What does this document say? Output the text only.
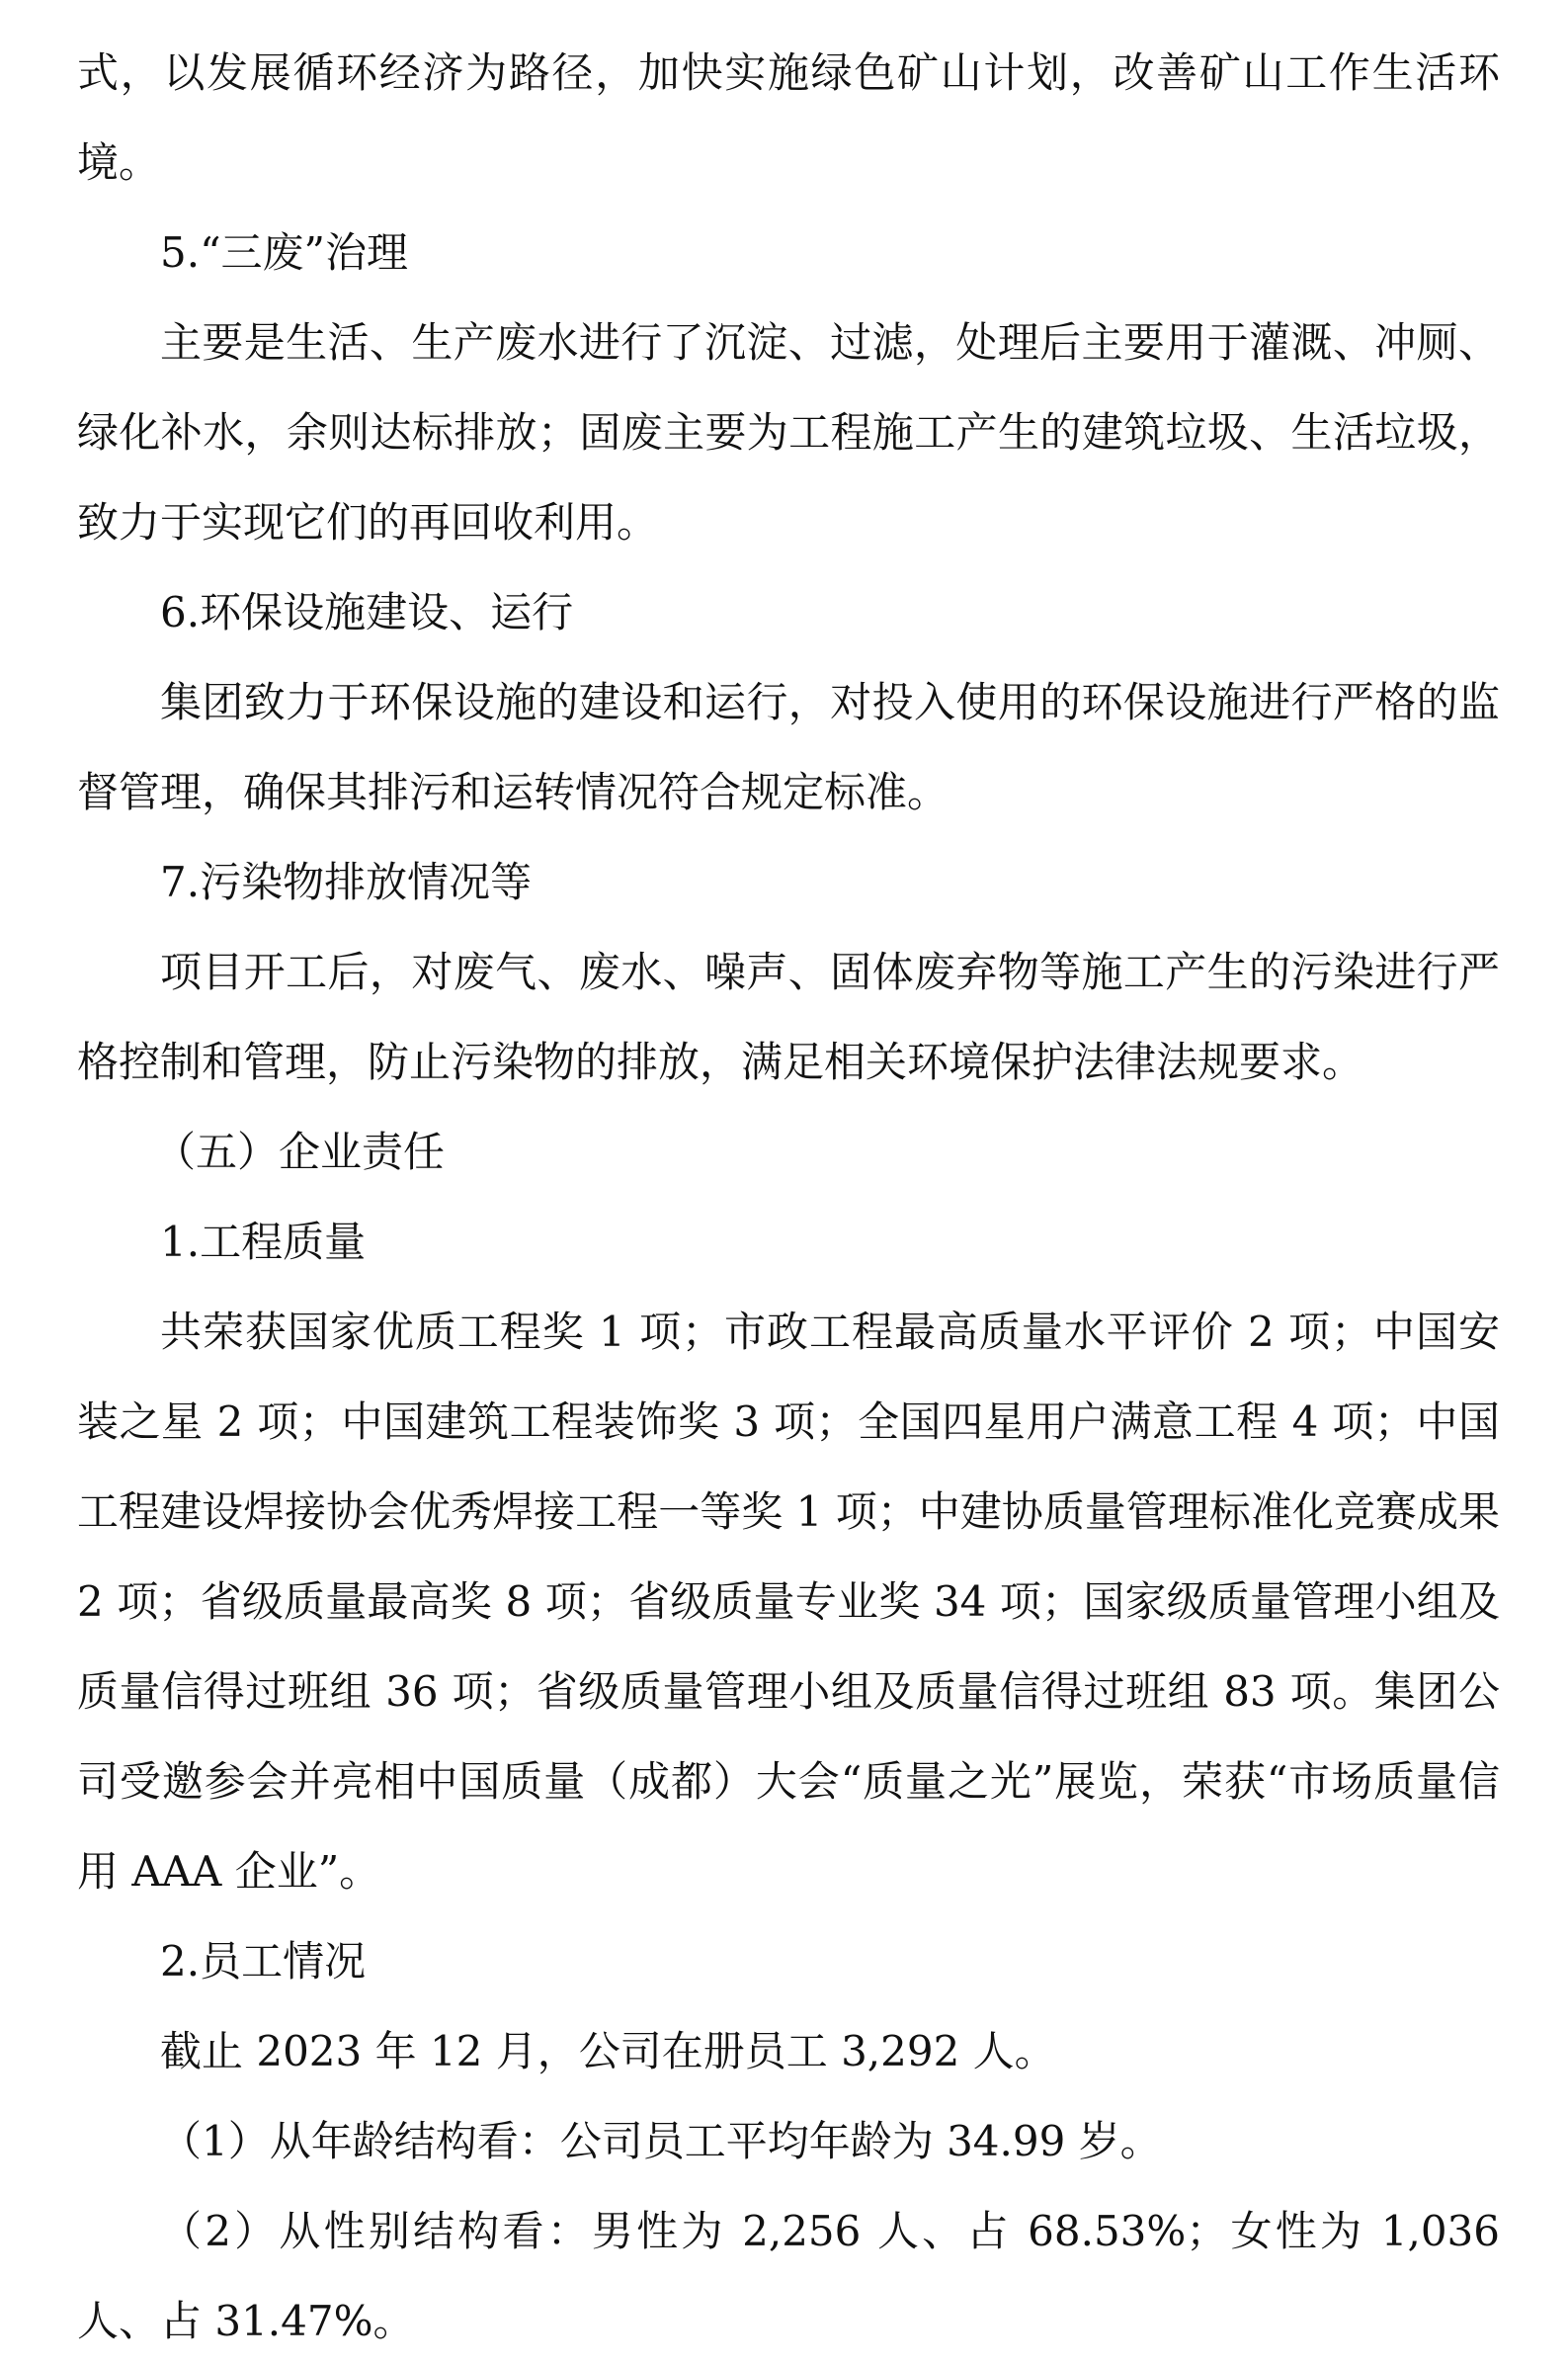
式，以发展循环经济为路径，加快实施绿色矿山计划，改善矿山工作生活环境。

5.“三废”治理

主要是生活、生产废水进行了沉淀、过滤，处理后主要用于灌溉、冲厕、绿化补水，余则达标排放；固废主要为工程施工产生的建筑垃圾、生活垃圾，致力于实现它们的再回收利用。

6.环保设施建设、运行

集团致力于环保设施的建设和运行，对投入使用的环保设施进行严格的监督管理，确保其排污和运转情况符合规定标准。

7.污染物排放情况等

项目开工后，对废气、废水、噪声、固体废弃物等施工产生的污染进行严格控制和管理，防止污染物的排放，满足相关环境保护法律法规要求。

（五）企业责任

1.工程质量

共荣获国家优质工程奖 1 项；市政工程最高质量水平评价 2 项；中国安装之星 2 项；中国建筑工程装饰奖 3 项；全国四星用户满意工程 4 项；中国工程建设焊接协会优秀焊接工程一等奖 1 项；中建协质量管理标准化竞赛成果 2 项；省级质量最高奖 8 项；省级质量专业奖 34 项；国家级质量管理小组及质量信得过班组 36 项；省级质量管理小组及质量信得过班组 83 项。集团公司受邀参会并亮相中国质量（成都）大会“质量之光”展览，荣获“市场质量信用 AAA 企业”。

2.员工情况

截止 2023 年 12 月，公司在册员工 3,292 人。

（1）从年龄结构看：公司员工平均年龄为 34.99 岁。

（2）从性别结构看：男性为 2,256 人、占 68.53%；女性为 1,036 人、占 31.47%。
